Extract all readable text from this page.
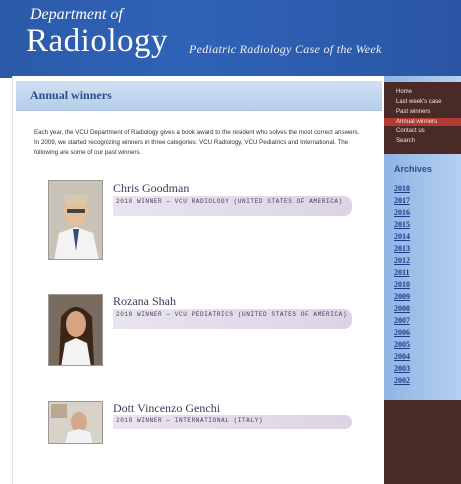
Department of
Radiology Pediatric Radiology Case of the Week
Annual winners
Each year, the VCU Department of Radiology gives a book award to the resident who solves the most correct answers. In 2009, we started recognizing winners in three categories: VCU Radiology, VCU Pediatrics and International. The following are some of our past winners.
Chris Goodman
2018 WINNER — VCU RADIOLOGY (UNITED STATES OF AMERICA)
Rozana Shah
2018 WINNER — VCU PEDIATRICS (UNITED STATES OF AMERICA)
Dott Vincenzo Genchi
2018 WINNER — INTERNATIONAL (ITALY)
Home
Last week's case
Past winners
Annual winners
Contact us
Search
Archives
2018
2017
2016
2015
2014
2013
2012
2011
2010
2009
2008
2007
2006
2005
2004
2003
2002
